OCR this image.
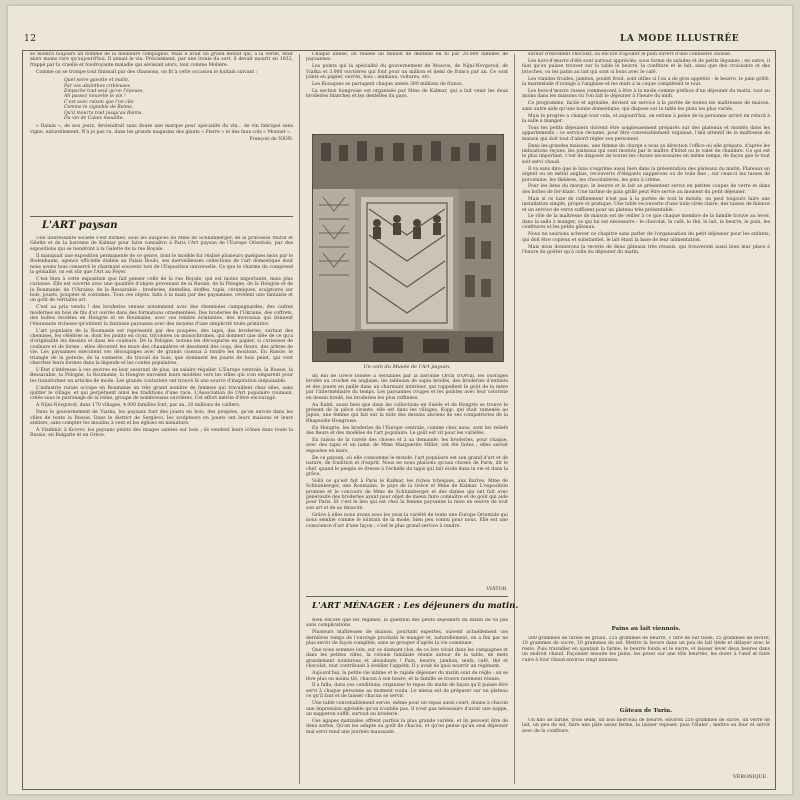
12	LA MODE ILLUSTRÉE

se montra toujours un homme de la meilleure compagnie. Mais il avait un grand défaut qui, à la vérité, était alors moins rare qu'aujourd'hui. Il aimait le vin. Précisément, par une ironie du sort, il devait mourir en 1832, frappé par la cruelle et foudroyante maladie qui sévissait alors, tout comme Molière.

Comme on se trompe tout finissait par des chansons, on fit à cette occasion le huitain suivant :

Quel noire gavotte et malin,
Par vos absinthes cribleuses
Empoche tout seul qu'on l'épouse,
Ah passez nouvelle le vin !
C'est avec raison que l'on cite
Comme le vignoble de Reims,
Qu'il mourra tout jusqu'au Reims,
Du vin de Calais maudite.

« Ralain », de nos jours, deviendrait sans doute une marque pour spécialité du vin... de vin fabriqué sans vigne, naturellement. N'a je pas vu, dans les grands magasins des giants « Pierre » et des faux cols « Monnet ».

François de NION.

L'ART paysan

Une intéressante société s'est formée, sous les auspices de Mme de Schlumberger, de la princesse Murat et Gilette et de la baronne de Kalmar pour faire connaître à Paris l'Art paysan de l'Europe Orientale, par des expositions qui se tiendront à la Galerie de la rue Royale.

Il manquait une exposition permanente de ce genre, dont le modèle fut réalisé plusieurs quelques mois par le Bodenhaum, agence officielle établie au Palais Boulo, ses merveilleuses collections de l'art domestique dont nous avons tous conservé le charmant souvenir lors de l'Exposition universelle. Ce que le charme du comprend la génialité, on est sûr que l'Art au Foyer.

C'est bien à cette exposition que fait penser celle de la rue Royale, qui est moins importante, mais plus curieuse. Elle est ouverte avec une quantité d'objets provenant de la Russie, de la Pologne, de la Hongrie et de la Roumanie, de l'Ukraine, de la Bessarabie : broderies, dentelles, étoffes, tapis, céramiques, sculptures sur bois, jouets, poupées et costumes. Tous ces objets, faits à la main par des paysannes, révèlent une fantaisie et un goût de véritable art.

C'est au prix vendu ! des broderies venues notamment avec des cheminées campagnardes, des cadres modernes en bois de fils d'or ouvrés dans des formations ornementées. Des broderies de l'Ukraine, des coffrets, des boîtes brodées en Hongrie et en Roumanie, avec ces teintes éclatantes, des morceaux qui donnent l'étonnante richesse qu'obtient la fantaisie paysanne avec des moyens d'une simplicité toute primitive.

L'art populaire de la Roumanie est représenté par des poupées, des tapis, des broderies, surtout des chemises, les célèbres ie, dont les points en croix, tricolores ou monochromes, qui donnent une idée de ce qu'a d'originalité les dessins et dans les couleurs. De la Pologne, notons les découpures en papier, si curieuses de couleurs et de forme ; elles décorent les murs des chaumières et dessinent des coqs, des fleurs, des arbres de vie. Les paysannes exécutent ces découpages avec de grands ciseaux à tondre les moutons. En Russie, le triangle de la poterie, de la vannerie, du travail du bois, que dominent les jouets de bois peint, qui vont chercher leurs formes dans la légende et les contes populaires.

L'État s'intéresse à ces œuvres en leur assurant de plus, un salaire régulier. L'Europe centrale, la Russie, la Bessarabie, la Pologne, la Roumanie, la Hongrie envoient leurs modèles vers les villes qui s'en emparent pour les transformer en articles de mode. Les grands couturiers ont trouvé là une source d'inspiration inépuisable.

L'industrie rurale occupe en Roumanie un très grand nombre de femmes qui travaillent chez elles, sans quitter le village, et qui perpétuent ainsi les traditions d'une race. L'Association de l'Art populaire roumain, créée sous le patronage de la reine, groupe de nombreuses ouvrières. Cet effort mérite d'être encouragé.

À Nijni-Novgorod, dans 170 villages, 4.000 familles font, par an, 20 millions de cuillers.

Dans le gouvernement de Viatka, les paysans font des jouets en bois, des poupées, qu'on envoie dans les villes de toute la Russie. Dans le district de Sergievo, les sculpteurs en jouets ont leurs maisons et leurs ateliers, sans compter les moulins à vent et les églises en miniature.

À Vladimir, à Kovrov, les paysans peints des images saintes sur bois ; ils vendent leurs icônes dans toute la Russie, en Bulgarie et en Grèce.

Chaque année, on réalise un million de dentelle en fil par 20.000 familles de paysannes.

Les points qui la spécialité du gouvernement de Moscou, de Nijni-Novgorod, de Viatka et 3.000 ouvrières qui font pour un million et demi de francs par an. Ce sont joints en papier, ouvrés, bois : animaux, voitures, etc.

Les Kosaques se partagent chaque année 300 millions de francs.

La section hongroise est organisée par Mme de Kalmar, qui a fait venir les deux broderies blanches et les dentelles du pays.

Un coin du Musée de l'Art paysan.

du Roi de Grèce fondée à Versailles par la baronne Orczi d'Orval, les ouvrages brodés au crochet en anglaise, les tableaux de sapin brodés, des broderies d'enfants et des jouets en paille dans un charmant intérieur, qui rappellent le goût de la mère par l'intermédiaire du temps. Les paysannes rouges et les pointes avec leur coloriste en dessin brodé, les broderies les plus raffinées.

Au Kahti, aussi bien que dans les collections en Suède et de Hongrie se trouve le présent de la pièce vivante, elle est dans les villages, Kopp, qui était ramenée au Japon, une femme qui fait sur la toile des dessins anciens de ses compatriotes de la Rhapsodie Hongroise.

En Hongrie, les broderies de l'Europe centrale, comme chez nous, sont les reliefs des fleurs et des modèles de l'art populaire. Le goût est vif pour les variétés.

En raison de la rareté des choses et à sa demande, les broderies, pour chaque, avec des tapis et en lamé, de Mme Marguerite Miller, ont été faites ; elles seront exposées en mars.

De ce paysan, où elle consomme le monde, l'art populaire est son grand d'art et de nature, de tradition et d'esprit. Nous ne nous plaisons qu'aux choses de Paris, dit le chef, quand le peuple se dresse à l'échelle du tapis qui fait école dans la vie et dans la grâce.

Voilà ce qu'est fait à Paris le Kalmar, les riches tchèques, aux Barres, Mme de Schlumberger, une Roumaine, le pays de la Grèce et Mme de Kalmar. L'exposition promise et le concours de Mme de Schlumberger et des dames qui ont fait avec générosité des broderies ayant pour objet de mieux faire connaître et de goût qui aide pour Paris. Et c'est le lieu qui est chez la femme paysanne la mise en œuvre de tout son art et de sa ténacité.

Grâce à elles nous avons sous les yeux la variété de toute une Europe Orientale qui nous semble comme le lointain de la mode, bien peu connu pour nous. Elle est une conscience d'art d'une façon ; c'est le plus grand service à rendre.

VIATOR.
L'ART MÉNAGER : Les déjeuners du matin.

Bien encore que les régimes, la question des petits déjeuners du matin ne va pas sans complications.

Plusieurs maîtresses de maison, pourtant expertes, suivent actuellement ces dernières temps de l'ouvrage prochain le manger et, naturellement, on a fini par ne plus servir de façon complète, sans se grouper d'après la vie commune.

Que nous sommes loin, sur ce diamant clos, de ce lors vivait dans les campagnes et dans les petites villes, la colonie familiale réunie autour de la table, de mets grandement nombreux et abondants ! Pain, beurre, jambon, œufs, café, thé et chocolat, tout contribuait à éveiller l'appétit. Il y avait de quoi nourrir un régiment.

Aujourd'hui, la petite vie intime et le rapide déjeuner du matin sont de règle : on se lève plus ou moins tôt, chacun à son heure, et la famille se trouve rarement réunie.

Il a fallu, dans ces conditions, organiser le repas du matin de façon qu'il puisse être servi à chaque personne au moment voulu. Le mieux est de préparer sur un plateau ce qu'il faut et de laisser chacun se servir.

Une table convenablement servie, même pour un repas aussi court, donne à chacun une impression agréable qu'on n'oublie pas. Il n'est pas nécessaire d'avoir une nappe, un napperon suffit, surtout en broderie.

Ces agapes matinales offrent parfois la plus grande variété, et ils peuvent être de deux sortes. Qu'on les adapte au goût de chacun, et qu'on pense qu'un seul déjeuner mal servi rend une journée maussade.

saveur d'excellent chocolat, ou encore d'ajouter le pain ouvert d'une confiserie choisie.

Les hors-d'œuvre d'été sont surtout appréciés, sous forme de salades et de petits légumes ; en outre, il faut qu'on puisse trouver sur la table le beurre, la confiture et le lait, ainsi que des croissants et des brioches, ou les pains au lait qui sont si bons avec le café.

Les viandes froides, jambon, poulet froid, sont utiles si l'on a de gros appétits ; le beurre, le pain grillé, la marmelade d'orange à l'anglaise et les œufs à la coque complètent le tout.

Les hors-d'œuvre russes commencent à être à la mode comme préface d'un déjeuner du matin, tout au moins dans les maisons où l'on fait le déjeuner à l'heure du midi.

Ce programme, facile et agréable, devient un service à la portée de toutes les maîtresses de maison, sans autre aide qu'une bonne domestique, qui dispose sur la table les plats les plus variés.

Mais le progrès a changé tout cela, et aujourd'hui, on estime à peine de la personne arrivé en retard à la salle à manger.

Tous les petits déjeuners doivent être soigneusement préparés sur des plateaux et montés dans les appartements ; ce service réclame, pour être convenablement organisé, l'œil attentif de la maîtresse de maison qui doit tout d'abord régler son personnel.

Dans les grandes maisons, une femme de charge a sous sa direction l'office où elle prépare, d'après les indications reçues, les plateaux qui sont montés par le maître d'hôtel ou le valet de chambre. Ce qui est le plus important, c'est de disposer de toutes les choses nécessaires en même temps, de façon que le tout soit servi chaud.

Il va sans dire que le luxe s'exprime aussi bien dans la présentation des plateaux du matin. Plateaux en argent ou en métal anglais, recouverts d'élégants napperons ou de toile fine ; sur ceux-ci les tasses de porcelaine, les théières, les chocolatières, les pots à crème.

Pour les liens du marque, le beurre et le lait se présentent servis en petites coupes de verre et dans des boîtes de fer-blanc. Une tartine de pain grillé peut être servie au moment du petit déjeuner.

Mais si ce luxe de raffinement n'est pas à la portée de tout le monde, on peut toujours faire une installation simple, propre et pratique. Une table recouverte d'une toile cirée claire, des tasses de faïence et un service de verre suffisent pour un plateau très présentable.

Le rôle de la maîtresse de maison est de veiller à ce que chaque membre de la famille trouve au lever, dans la salle à manger, ce qui lui est nécessaire : le chocolat, le café, le thé, le lait, le beurre, le pain, les confitures et les petits gâteaux.

Nous ne saurions achever ce chapitre sans parler de l'organisation du petit déjeuner pour les enfants, qui doit être copieux et substantiel, le lait étant la base de leur alimentation.

Mais nous donnerons la recette de deux gâteaux très réussis, qui trouveront aussi bien leur place à l'heure du goûter qu'à celle du déjeuner du matin.

Pains au lait viennois.

500 grammes de farine de gruau, 125 grammes de beurre, 1 litre de lait tiède, 25 grammes de levure, 10 grammes de sucre, 10 grammes de sel. Mettre la levure dans un peu de lait tiède et délayer avec le reste. Puis travailler en ajoutant la farine, le beurre fondu et le sucre, et laisser lever deux heures dans un endroit chaud. Façonner ensuite les pains, les poser sur une tôle beurrée, les dorer à l'œuf et faire cuire à four chaud environ vingt minutes.

Gâteau de Turin.

Un kilo de farine, trois œufs, un bon morceau de beurre, environ 250 grammes de sucre, un verre de lait, un peu de sel, faire une pâte assez ferme, la laisser reposer, puis l'étaler ; mettre au four et servir avec de la confiture.

VÉRONIQUE.
